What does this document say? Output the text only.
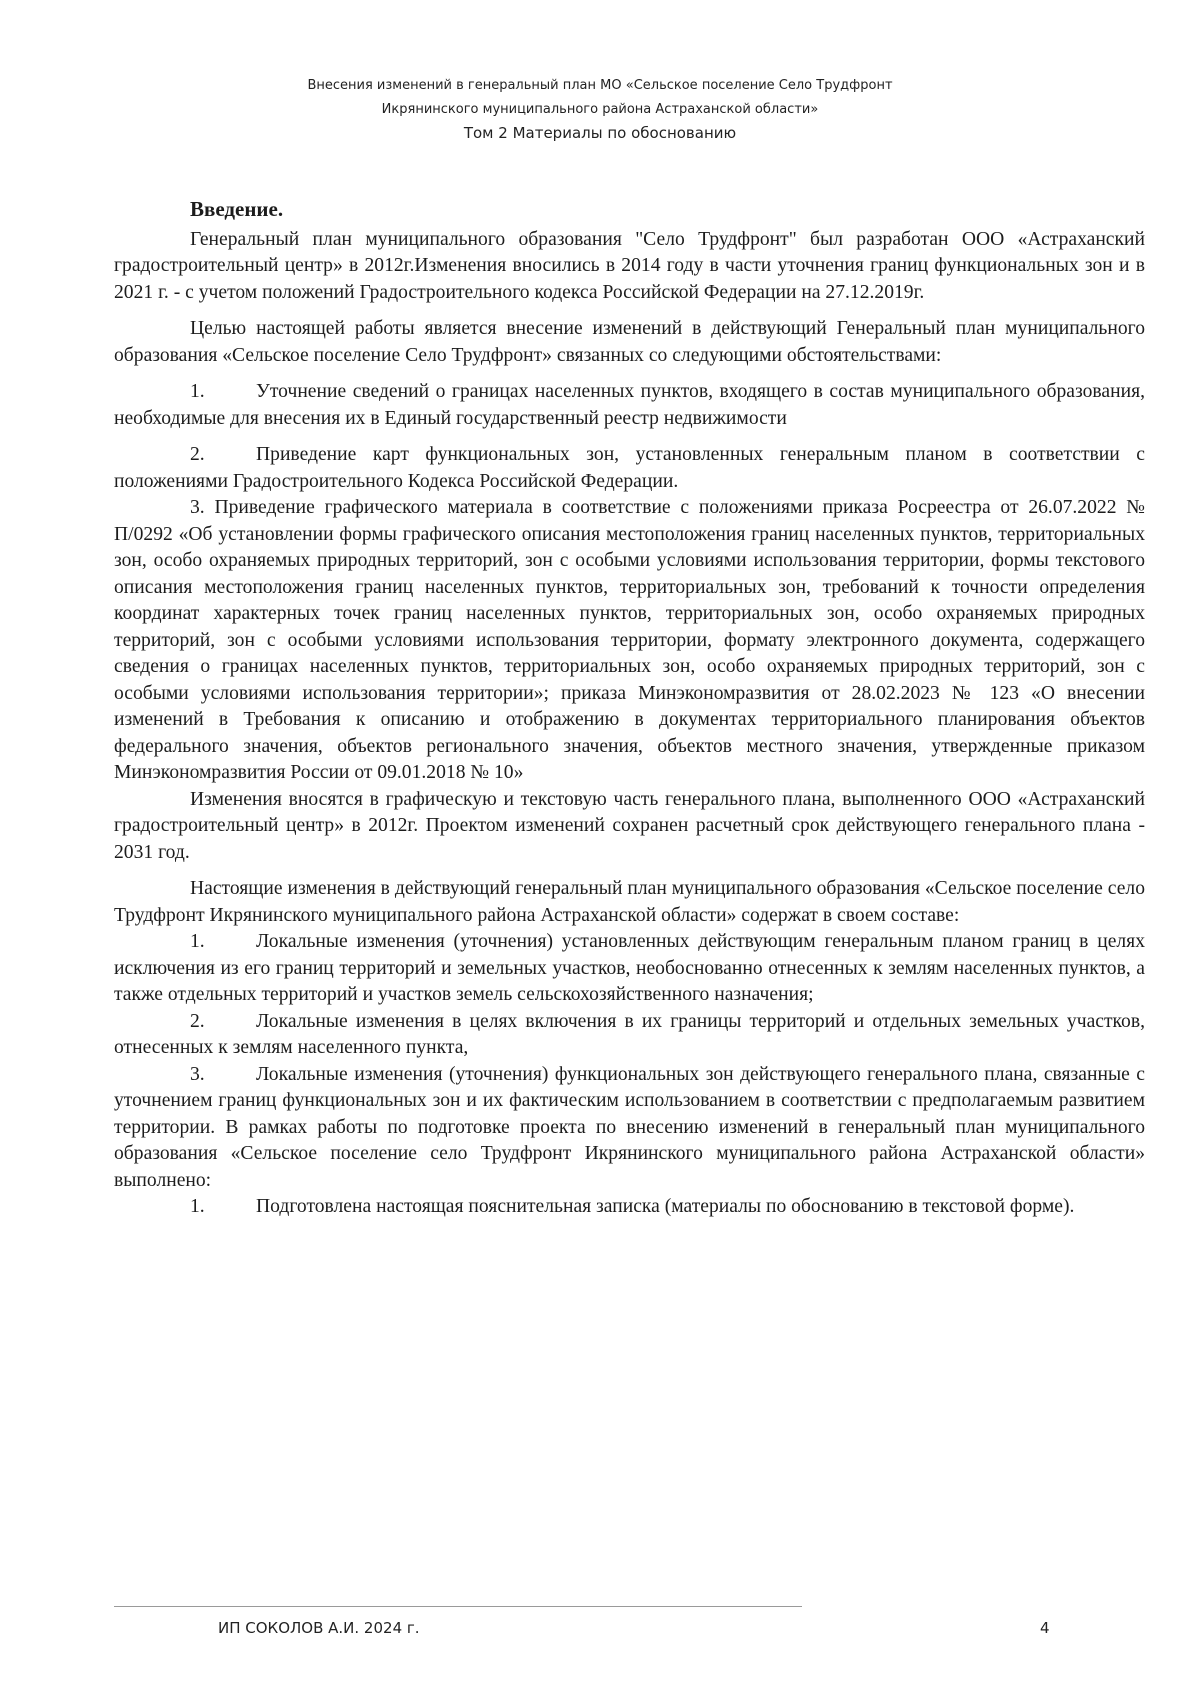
Внесения изменений в генеральный план МО «Сельское поселение Село Трудфронт
Икрянинского муниципального района Астраханской области»
Том 2 Материалы по обоснованию
Введение.

Генеральный план муниципального образования "Село Трудфронт" был разработан ООО «Астраханский градостроительный центр» в 2012г.Изменения вносились в 2014 году в части уточнения границ функциональных зон и в 2021 г. - с учетом положений Градостроительного кодекса Российской Федерации на 27.12.2019г.

Целью настоящей работы является внесение изменений в действующий Генеральный план муниципального образования «Сельское поселение Село Трудфронт» связанных со следующими обстоятельствами:

1.	Уточнение сведений о границах населенных пунктов, входящего в состав муниципального образования, необходимые для внесения их в Единый государственный реестр недвижимости

2.	Приведение карт функциональных зон, установленных генеральным планом в соответствии с положениями Градостроительного Кодекса Российской Федерации.

3. Приведение графического материала в соответствие с положениями приказа Росреестра от 26.07.2022 № П/0292 «Об установлении формы графического описания местоположения границ населенных пунктов, территориальных зон, особо охраняемых природных территорий, зон с особыми условиями использования территории, формы текстового описания местоположения границ населенных пунктов, территориальных зон, требований к точности определения координат характерных точек границ населенных пунктов, территориальных зон, особо охраняемых природных территорий, зон с особыми условиями использования территории, формату электронного документа, содержащего сведения о границах населенных пунктов, территориальных зон, особо охраняемых природных территорий, зон с особыми условиями использования территории»; приказа Минэкономразвития от 28.02.2023 № 123 «О внесении изменений в Требования к описанию и отображению в документах территориального планирования объектов федерального значения, объектов регионального значения, объектов местного значения, утвержденные приказом Минэкономразвития России от 09.01.2018 № 10»

Изменения вносятся в графическую и текстовую часть генерального плана, выполненного ООО «Астраханский градостроительный центр» в 2012г. Проектом изменений сохранен расчетный срок действующего генерального плана - 2031 год.

Настоящие изменения в действующий генеральный план муниципального образования «Сельское поселение село Трудфронт Икрянинского муниципального района Астраханской области» содержат в своем составе:

1.	Локальные изменения (уточнения) установленных действующим генеральным планом границ в целях исключения из его границ территорий и земельных участков, необоснованно отнесенных к землям населенных пунктов, а также отдельных территорий и участков земель сельскохозяйственного назначения;

2.	Локальные изменения в целях включения в их границы территорий и отдельных земельных участков, отнесенных к землям населенного пункта,

3.	Локальные изменения (уточнения) функциональных зон действующего генерального плана, связанные с уточнением границ функциональных зон и их фактическим использованием в соответствии с предполагаемым развитием территории. В рамках работы по подготовке проекта по внесению изменений в генеральный план муниципального образования «Сельское поселение село Трудфронт Икрянинского муниципального района Астраханской области» выполнено:

1.	Подготовлена настоящая пояснительная записка (материалы по обоснованию в текстовой форме).

ИП СОКОЛОВ А.И. 2024 г.	4
